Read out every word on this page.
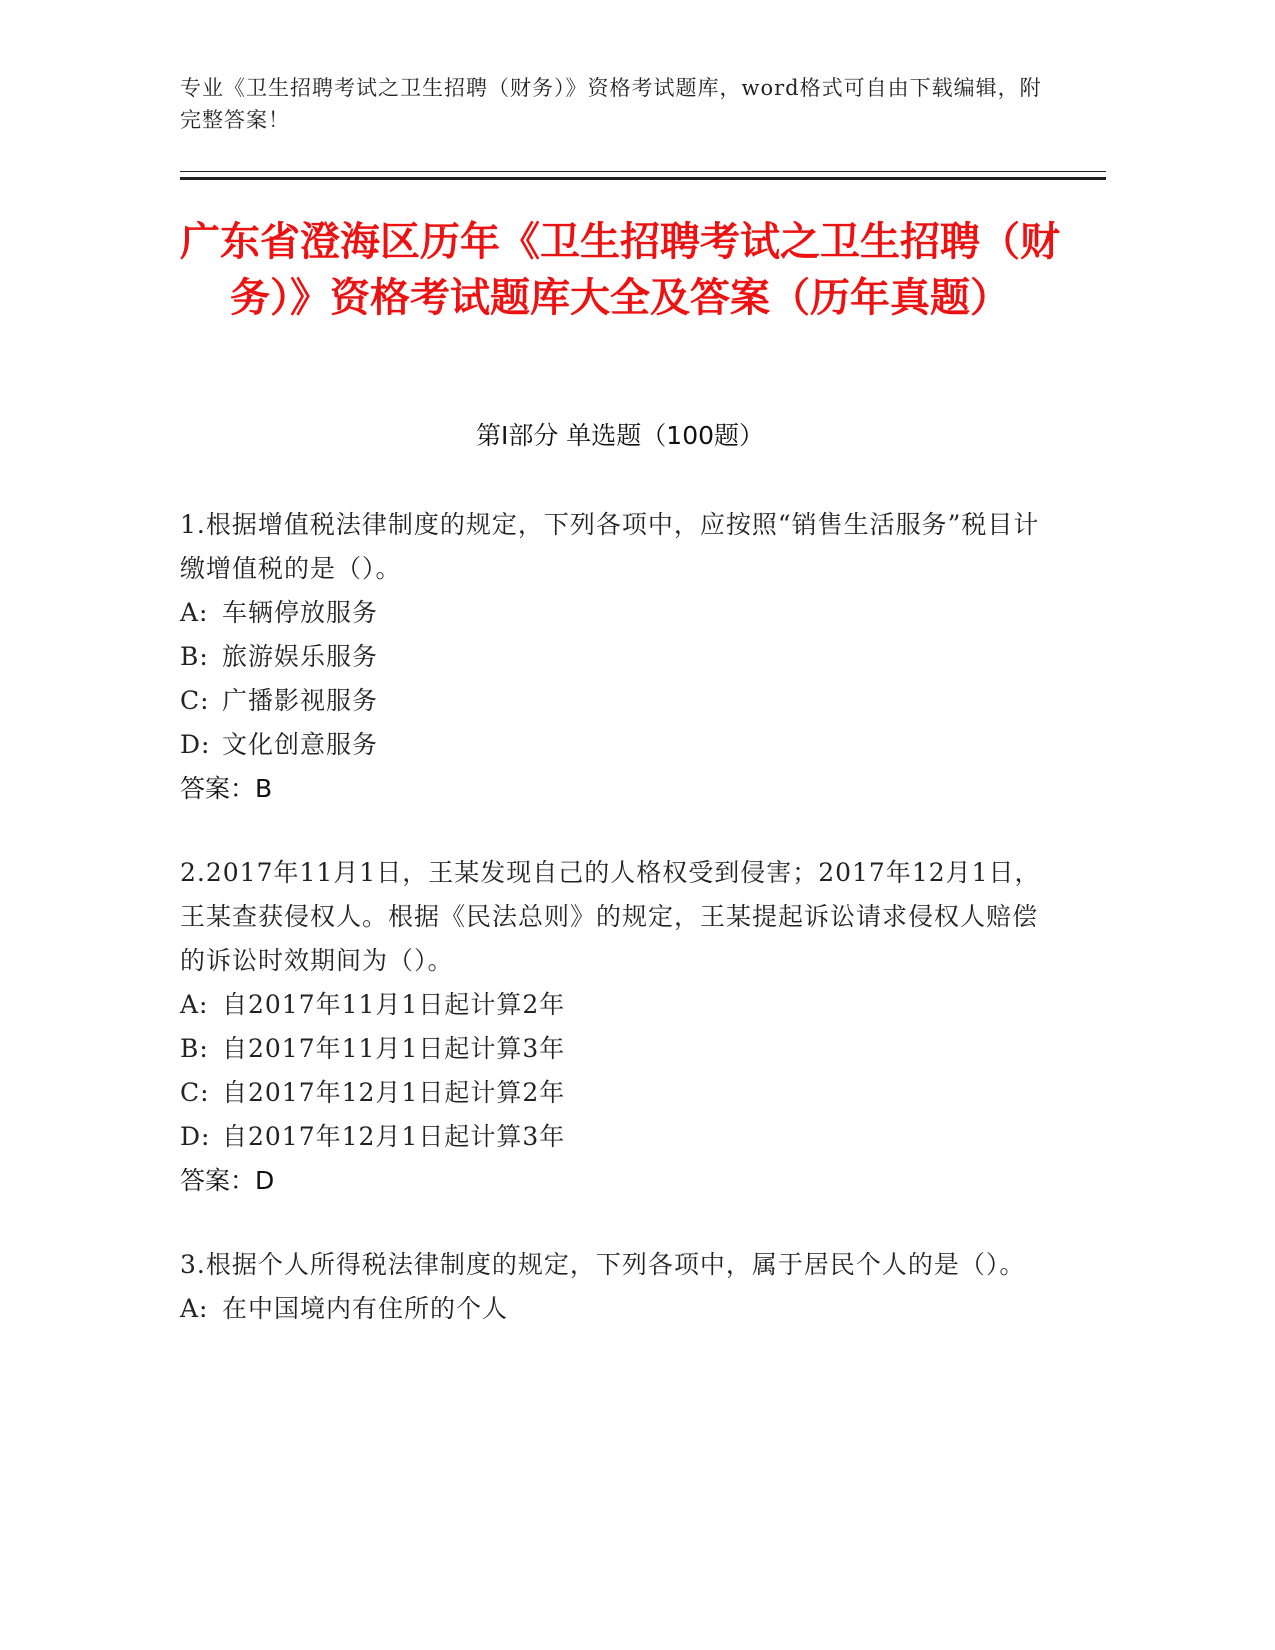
专业《卫生招聘考试之卫生招聘（财务）》资格考试题库，word格式可自由下载编辑，附完整答案！
广东省澄海区历年《卫生招聘考试之卫生招聘（财务）》资格考试题库大全及答案（历年真题）
第Ⅰ部分 单选题（100题）
1.根据增值税法律制度的规定，下列各项中，应按照“销售生活服务”税目计缴增值税的是（）。
A: 车辆停放服务
B: 旅游娱乐服务
C: 广播影视服务
D: 文化创意服务
答案：B
2.2017年11月1日，王某发现自己的人格权受到侵害；2017年12月1日，王某查获侵权人。根据《民法总则》的规定，王某提起诉讼请求侵权人赔偿的诉讼时效期间为（）。
A: 自2017年11月1日起计算2年
B: 自2017年11月1日起计算3年
C: 自2017年12月1日起计算2年
D: 自2017年12月1日起计算3年
答案：D
3.根据个人所得税法律制度的规定，下列各项中，属于居民个人的是（）。
A: 在中国境内有住所的个人
